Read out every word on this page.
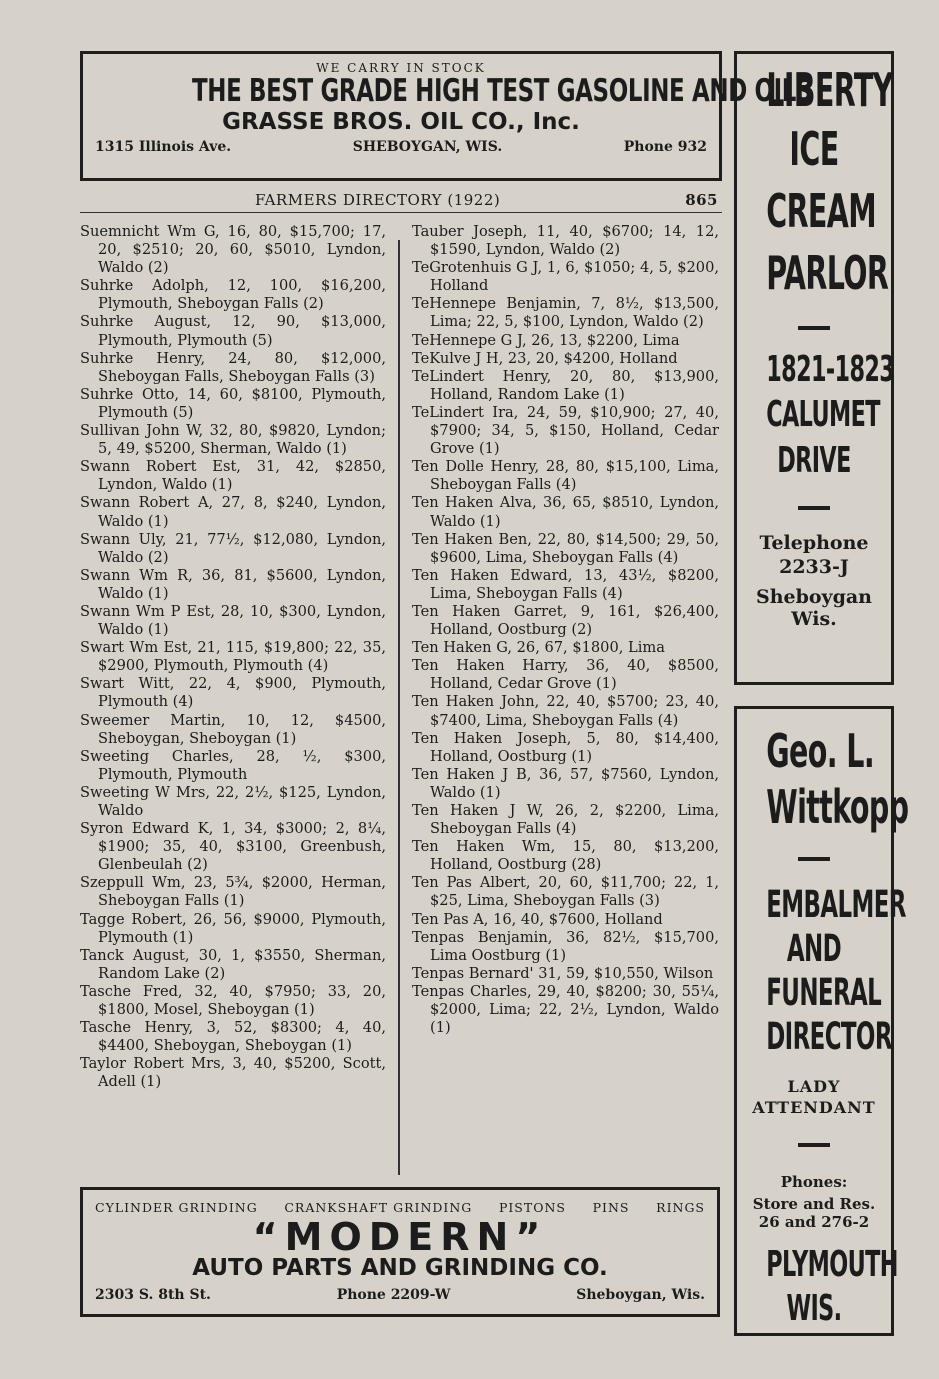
WE CARRY IN STOCK
THE BEST GRADE HIGH TEST GASOLINE AND OILS
GRASSE BROS. OIL CO., Inc.
1315 Illinois Ave.	SHEBOYGAN, WIS.	Phone 932
FARMERS DIRECTORY (1922)	865

Suemnicht Wm G, 16, 80, $15,700; 17, 20, $2510; 20, 60, $5010, Lyndon, Waldo (2)

Suhrke Adolph, 12, 100, $16,200, Plymouth, Sheboygan Falls (2)

Suhrke August, 12, 90, $13,000, Plymouth, Plymouth (5)

Suhrke Henry, 24, 80, $12,000, Sheboygan Falls, Sheboygan Falls (3)

Suhrke Otto, 14, 60, $8100, Plymouth, Plymouth (5)

Sullivan John W, 32, 80, $9820, Lyndon; 5, 49, $5200, Sherman, Waldo (1)

Swann Robert Est, 31, 42, $2850, Lyndon, Waldo (1)

Swann Robert A, 27, 8, $240, Lyndon, Waldo (1)

Swann Uly, 21, 77½, $12,080, Lyndon, Waldo (2)

Swann Wm R, 36, 81, $5600, Lyndon, Waldo (1)

Swann Wm P Est, 28, 10, $300, Lyndon, Waldo (1)

Swart Wm Est, 21, 115, $19,800; 22, 35, $2900, Plymouth, Plymouth (4)

Swart Witt, 22, 4, $900, Plymouth, Plymouth (4)

Sweemer Martin, 10, 12, $4500, Sheboygan, Sheboygan (1)

Sweeting Charles, 28, ½, $300, Plymouth, Plymouth

Sweeting W Mrs, 22, 2½, $125, Lyndon, Waldo

Syron Edward K, 1, 34, $3000; 2, 8¼, $1900; 35, 40, $3100, Greenbush, Glenbeulah (2)

Szeppull Wm, 23, 5¾, $2000, Herman, Sheboygan Falls (1)

Tagge Robert, 26, 56, $9000, Plymouth, Plymouth (1)

Tanck August, 30, 1, $3550, Sherman, Random Lake (2)

Tasche Fred, 32, 40, $7950; 33, 20, $1800, Mosel, Sheboygan (1)

Tasche Henry, 3, 52, $8300; 4, 40, $4400, Sheboygan, Sheboygan (1)

Taylor Robert Mrs, 3, 40, $5200, Scott, Adell (1)

Tauber Joseph, 11, 40, $6700; 14, 12, $1590, Lyndon, Waldo (2)

TeGrotenhuis G J, 1, 6, $1050; 4, 5, $200, Holland

TeHennepe Benjamin, 7, 8½, $13,500, Lima; 22, 5, $100, Lyndon, Waldo (2)

TeHennepe G J, 26, 13, $2200, Lima

TeKulve J H, 23, 20, $4200, Holland

TeLindert Henry, 20, 80, $13,900, Holland, Random Lake (1)

TeLindert Ira, 24, 59, $10,900; 27, 40, $7900; 34, 5, $150, Holland, Cedar Grove (1)

Ten Dolle Henry, 28, 80, $15,100, Lima, Sheboygan Falls (4)

Ten Haken Alva, 36, 65, $8510, Lyndon, Waldo (1)

Ten Haken Ben, 22, 80, $14,500; 29, 50, $9600, Lima, Sheboygan Falls (4)

Ten Haken Edward, 13, 43½, $8200, Lima, Sheboygan Falls (4)

Ten Haken Garret, 9, 161, $26,400, Holland, Oostburg (2)

Ten Haken G, 26, 67, $1800, Lima

Ten Haken Harry, 36, 40, $8500, Holland, Cedar Grove (1)

Ten Haken John, 22, 40, $5700; 23, 40, $7400, Lima, Sheboygan Falls (4)

Ten Haken Joseph, 5, 80, $14,400, Holland, Oostburg (1)

Ten Haken J B, 36, 57, $7560, Lyndon, Waldo (1)

Ten Haken J W, 26, 2, $2200, Lima, Sheboygan Falls (4)

Ten Haken Wm, 15, 80, $13,200, Holland, Oostburg (28)

Ten Pas Albert, 20, 60, $11,700; 22, 1, $25, Lima, Sheboygan Falls (3)

Ten Pas A, 16, 40, $7600, Holland

Tenpas Benjamin, 36, 82½, $15,700, Lima Oostburg (1)

Tenpas Bernard' 31, 59, $10,550, Wilson

Tenpas Charles, 29, 40, $8200; 30, 55¼, $2000, Lima; 22, 2½, Lyndon, Waldo (1)

LIBERTY
ICE
CREAM
PARLOR
1821-1823
CALUMET
DRIVE
Telephone
2233-J
Sheboygan
Wis.
Geo. L.
Wittkopp
EMBALMER
AND
FUNERAL
DIRECTOR
LADY
ATTENDANT
Phones:
Store and Res.
26 and 276-2
PLYMOUTH
WIS.
CYLINDER GRINDING CRANKSHAFT GRINDING PISTONS PINS RINGS
“MODERN”
AUTO PARTS AND GRINDING CO.
2303 S. 8th St.	Phone 2209-W	Sheboygan, Wis.
